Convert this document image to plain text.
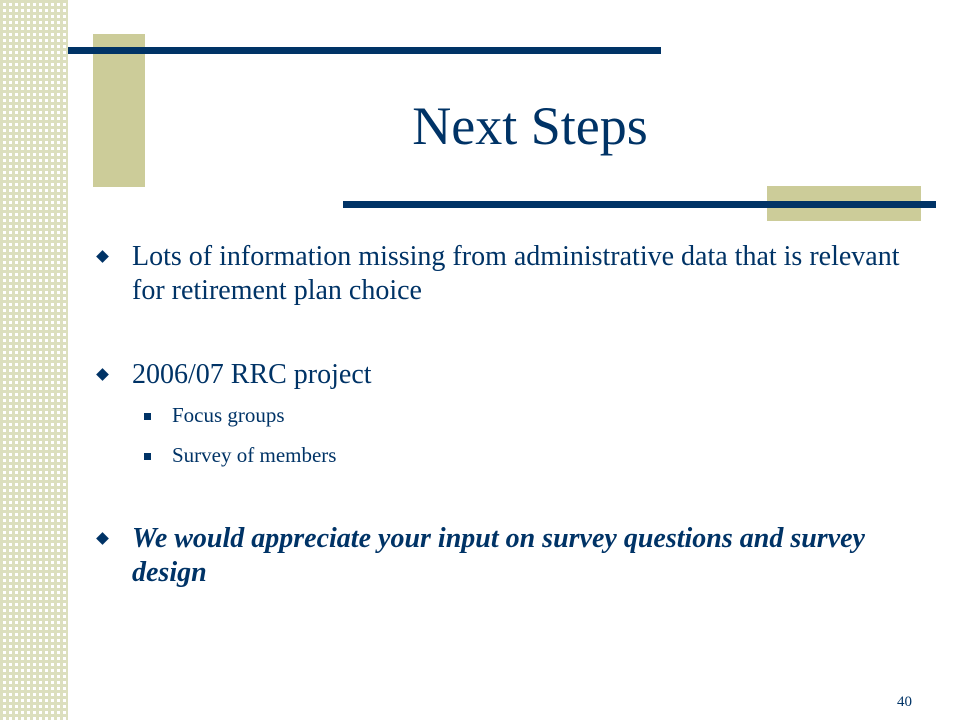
Next Steps
Lots of information missing from administrative data that is relevant for retirement plan choice
2006/07 RRC project
Focus groups
Survey of members
We would appreciate your input on survey questions and survey design
40
